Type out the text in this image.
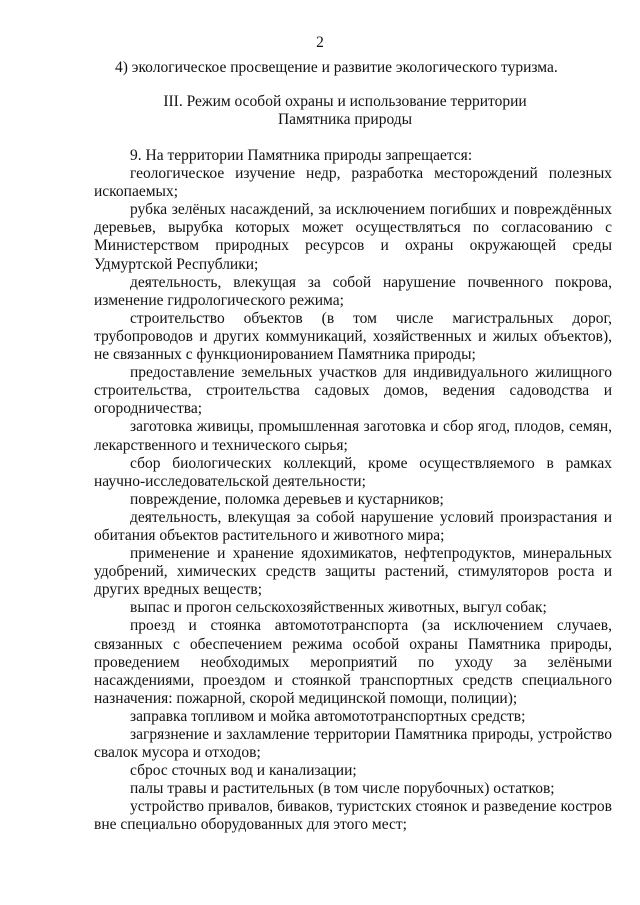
2
4) экологическое просвещение и развитие экологического туризма.
III. Режим особой охраны и использование территории
Памятника природы

9. На территории Памятника природы запрещается:

геологическое изучение недр, разработка месторождений полезных ископаемых;

рубка зелёных насаждений, за исключением погибших и повреждённых деревьев, вырубка которых может осуществляться по согласованию с Министерством природных ресурсов и охраны окружающей среды Удмуртской Республики;

деятельность, влекущая за собой нарушение почвенного покрова, изменение гидрологического режима;

строительство объектов (в том числе магистральных дорог, трубопроводов и других коммуникаций, хозяйственных и жилых объектов), не связанных с функционированием Памятника природы;

предоставление земельных участков для индивидуального жилищного строительства, строительства садовых домов, ведения садоводства и огородничества;

заготовка живицы, промышленная заготовка и сбор ягод, плодов, семян, лекарственного и технического сырья;

сбор биологических коллекций, кроме осуществляемого в рамках научно-исследовательской деятельности;

повреждение, поломка деревьев и кустарников;

деятельность, влекущая за собой нарушение условий произрастания и обитания объектов растительного и животного мира;

применение и хранение ядохимикатов, нефтепродуктов, минеральных удобрений, химических средств защиты растений, стимуляторов роста и других вредных веществ;

выпас и прогон сельскохозяйственных животных, выгул собак;

проезд и стоянка автомототранспорта (за исключением случаев, связанных с обеспечением режима особой охраны Памятника природы, проведением необходимых мероприятий по уходу за зелёными насаждениями, проездом и стоянкой транспортных средств специального назначения: пожарной, скорой медицинской помощи, полиции);

заправка топливом и мойка автомототранспортных средств;

загрязнение и захламление территории Памятника природы, устройство свалок мусора и отходов;

сброс сточных вод и канализации;

палы травы и растительных (в том числе порубочных) остатков;

устройство привалов, биваков, туристских стоянок и разведение костров вне специально оборудованных для этого мест;
